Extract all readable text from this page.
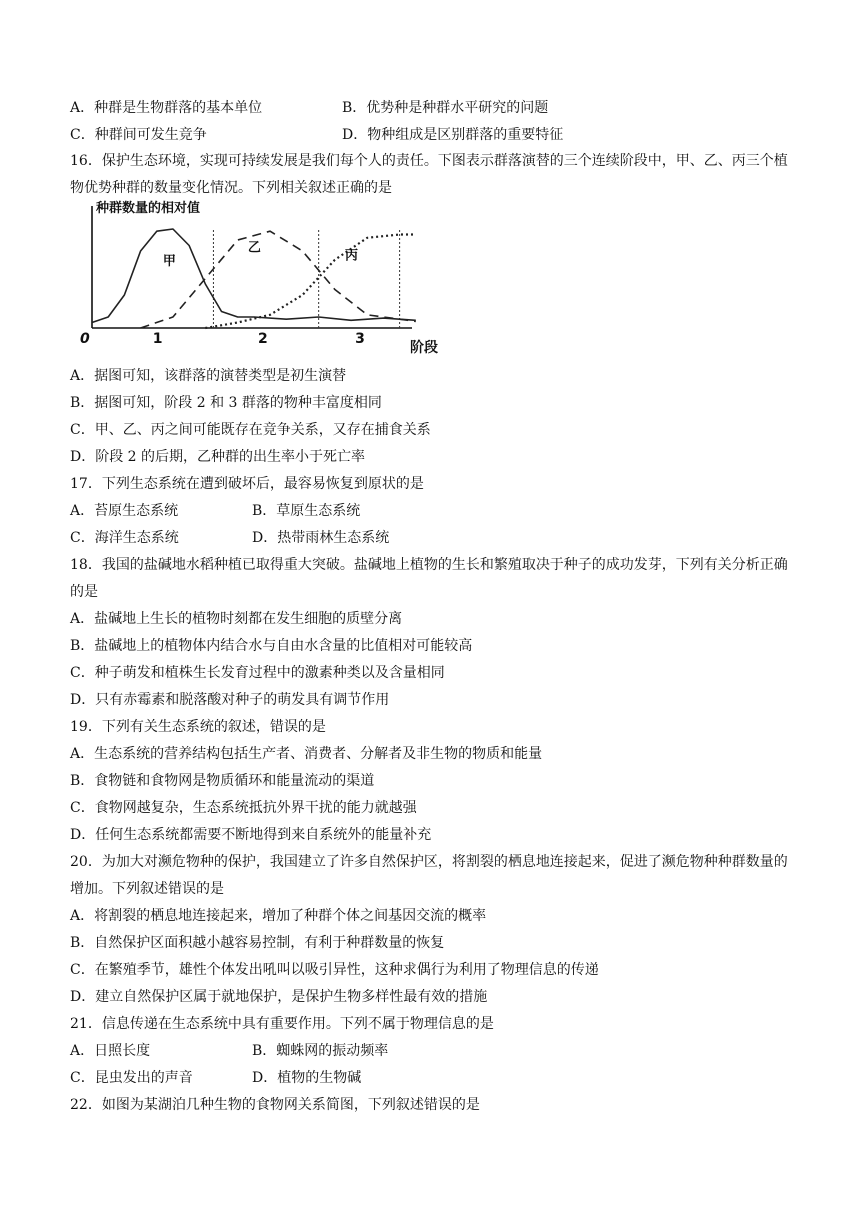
A．种群是生物群落的基本单位	B．优势种是种群水平研究的问题
C．种群间可发生竞争	D．物种组成是区别群落的重要特征
16．保护生态环境，实现可持续发展是我们每个人的责任。下图表示群落演替的三个连续阶段中，甲、乙、丙三个植物优势种群的数量变化情况。下列相关叙述正确的是
种群数量的相对值
阶段
0	1	2	3
甲
乙
丙
A．据图可知，该群落的演替类型是初生演替
B．据图可知，阶段 2 和 3 群落的物种丰富度相同
C．甲、乙、丙之间可能既存在竞争关系，又存在捕食关系
D．阶段 2 的后期，乙种群的出生率小于死亡率
17．下列生态系统在遭到破坏后，最容易恢复到原状的是
A．苔原生态系统	B．草原生态系统
C．海洋生态系统	D．热带雨林生态系统
18．我国的盐碱地水稻种植已取得重大突破。盐碱地上植物的生长和繁殖取决于种子的成功发芽，下列有关分析正确的是
A．盐碱地上生长的植物时刻都在发生细胞的质壁分离
B．盐碱地上的植物体内结合水与自由水含量的比值相对可能较高
C．种子萌发和植株生长发育过程中的激素种类以及含量相同
D．只有赤霉素和脱落酸对种子的萌发具有调节作用
19．下列有关生态系统的叙述，错误的是
A．生态系统的营养结构包括生产者、消费者、分解者及非生物的物质和能量
B．食物链和食物网是物质循环和能量流动的渠道
C．食物网越复杂，生态系统抵抗外界干扰的能力就越强
D．任何生态系统都需要不断地得到来自系统外的能量补充
20．为加大对濒危物种的保护，我国建立了许多自然保护区，将割裂的栖息地连接起来，促进了濒危物种种群数量的增加。下列叙述错误的是
A．将割裂的栖息地连接起来，增加了种群个体之间基因交流的概率
B．自然保护区面积越小越容易控制，有利于种群数量的恢复
C．在繁殖季节，雄性个体发出吼叫以吸引异性，这种求偶行为利用了物理信息的传递
D．建立自然保护区属于就地保护，是保护生物多样性最有效的措施
21．信息传递在生态系统中具有重要作用。下列不属于物理信息的是
A．日照长度	B．蜘蛛网的振动频率
C．昆虫发出的声音	D．植物的生物碱
22．如图为某湖泊几种生物的食物网关系简图，下列叙述错误的是
